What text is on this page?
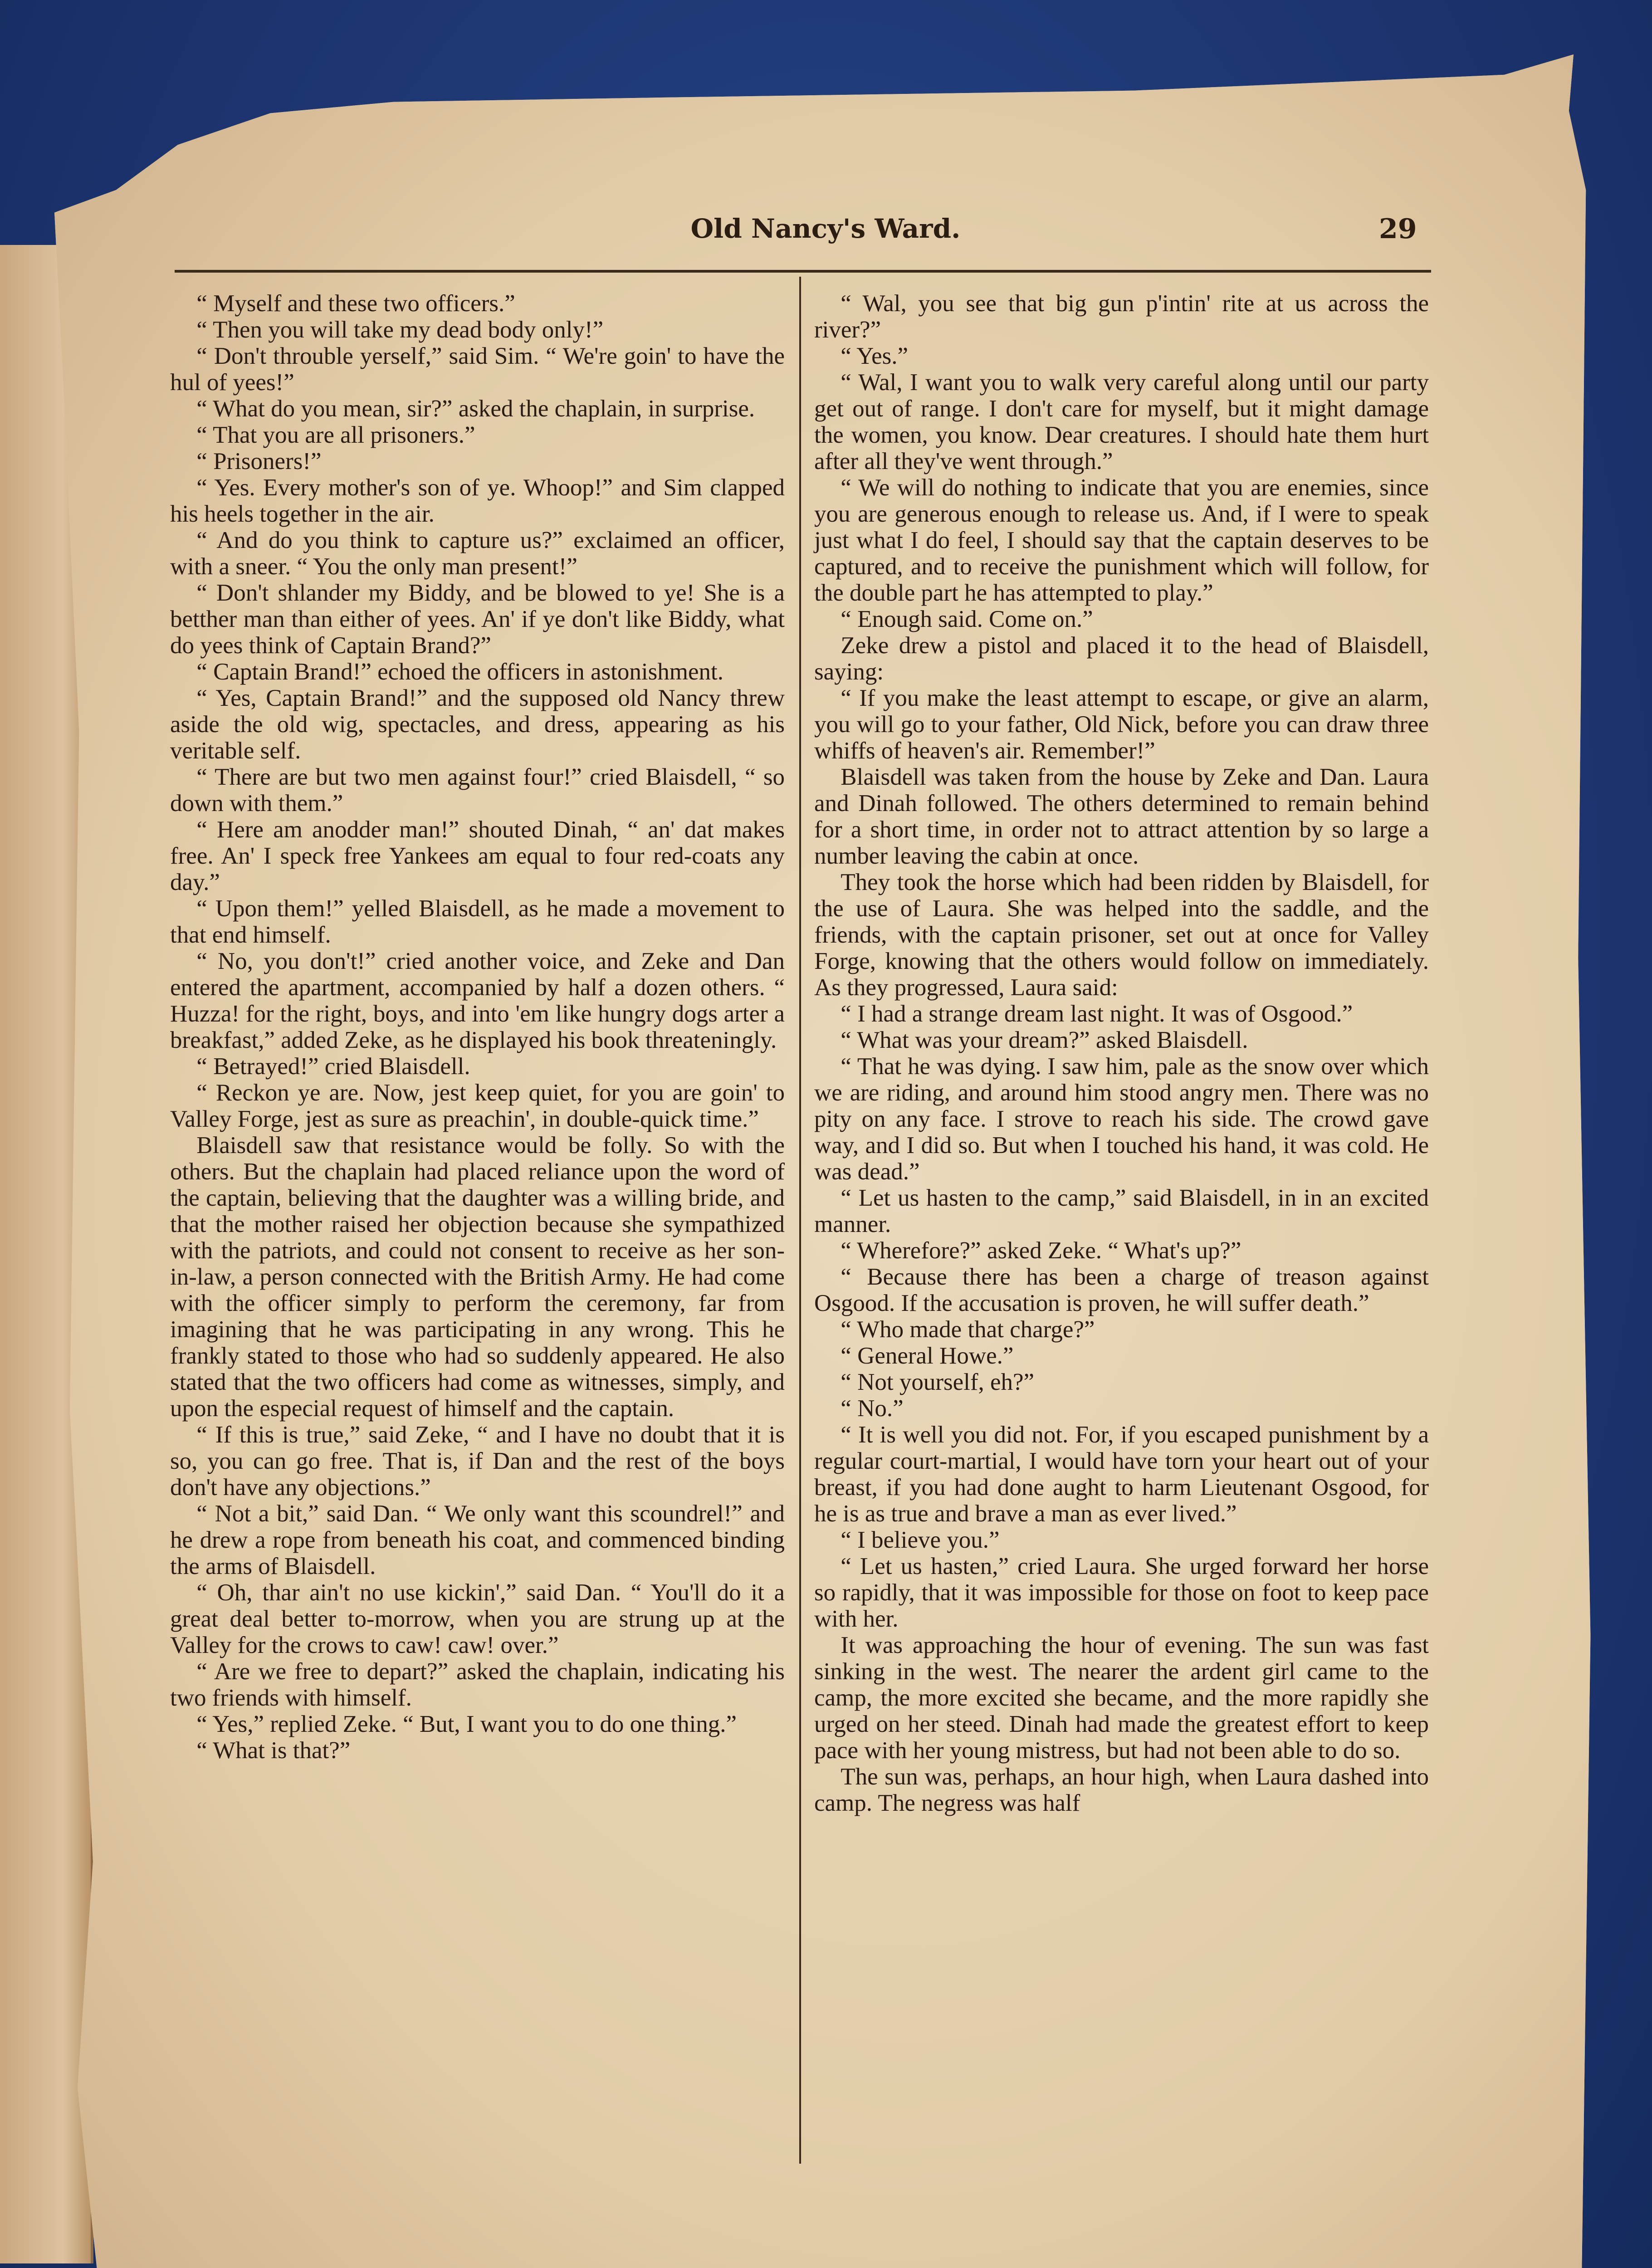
Old Nancy's Ward.	29

“ Myself and these two officers.”

“ Then you will take my dead body only!”

“ Don't throuble yerself,” said Sim. “ We're goin' to have the hul of yees!”

“ What do you mean, sir?” asked the chaplain, in surprise.

“ That you are all prisoners.”

“ Prisoners!”

“ Yes. Every mother's son of ye. Whoop!” and Sim clapped his heels together in the air.

“ And do you think to capture us?” exclaimed an officer, with a sneer. “ You the only man present!”

“ Don't shlander my Biddy, and be blowed to ye! She is a betther man than either of yees. An' if ye don't like Biddy, what do yees think of Captain Brand?”

“ Captain Brand!” echoed the officers in astonishment.

“ Yes, Captain Brand!” and the supposed old Nancy threw aside the old wig, spectacles, and dress, appearing as his veritable self.

“ There are but two men against four!” cried Blaisdell, “ so down with them.”

“ Here am anodder man!” shouted Dinah, “ an' dat makes free. An' I speck free Yankees am equal to four red-coats any day.”

“ Upon them!” yelled Blaisdell, as he made a movement to that end himself.

“ No, you don't!” cried another voice, and Zeke and Dan entered the apartment, accompanied by half a dozen others. “ Huzza! for the right, boys, and into 'em like hungry dogs arter a breakfast,” added Zeke, as he displayed his book threateningly.

“ Betrayed!” cried Blaisdell.

“ Reckon ye are. Now, jest keep quiet, for you are goin' to Valley Forge, jest as sure as preachin', in double-quick time.”

Blaisdell saw that resistance would be folly. So with the others. But the chaplain had placed reliance upon the word of the captain, believing that the daughter was a willing bride, and that the mother raised her objection because she sympathized with the patriots, and could not consent to receive as her son-in-law, a person connected with the British Army. He had come with the officer simply to perform the ceremony, far from imagining that he was participating in any wrong. This he frankly stated to those who had so suddenly appeared. He also stated that the two officers had come as witnesses, simply, and upon the especial request of himself and the captain.

“ If this is true,” said Zeke, “ and I have no doubt that it is so, you can go free. That is, if Dan and the rest of the boys don't have any objections.”

“ Not a bit,” said Dan. “ We only want this scoundrel!” and he drew a rope from beneath his coat, and commenced binding the arms of Blaisdell.

“ Oh, thar ain't no use kickin',” said Dan. “ You'll do it a great deal better to-morrow, when you are strung up at the Valley for the crows to caw! caw! over.”

“ Are we free to depart?” asked the chaplain, indicating his two friends with himself.

“ Yes,” replied Zeke. “ But, I want you to do one thing.”

“ What is that?”

“ Wal, you see that big gun p'intin' rite at us across the river?”

“ Yes.”

“ Wal, I want you to walk very careful along until our party get out of range. I don't care for myself, but it might damage the women, you know. Dear creatures. I should hate them hurt after all they've went through.”

“ We will do nothing to indicate that you are enemies, since you are generous enough to release us. And, if I were to speak just what I do feel, I should say that the captain deserves to be captured, and to receive the punishment which will follow, for the double part he has attempted to play.”

“ Enough said. Come on.”

Zeke drew a pistol and placed it to the head of Blaisdell, saying:

“ If you make the least attempt to escape, or give an alarm, you will go to your father, Old Nick, before you can draw three whiffs of heaven's air. Remember!”

Blaisdell was taken from the house by Zeke and Dan. Laura and Dinah followed. The others determined to remain behind for a short time, in order not to attract attention by so large a number leaving the cabin at once.

They took the horse which had been ridden by Blaisdell, for the use of Laura. She was helped into the saddle, and the friends, with the captain prisoner, set out at once for Valley Forge, knowing that the others would follow on immediately. As they progressed, Laura said:

“ I had a strange dream last night. It was of Osgood.”

“ What was your dream?” asked Blaisdell.

“ That he was dying. I saw him, pale as the snow over which we are riding, and around him stood angry men. There was no pity on any face. I strove to reach his side. The crowd gave way, and I did so. But when I touched his hand, it was cold. He was dead.”

“ Let us hasten to the camp,” said Blaisdell, in in an excited manner.

“ Wherefore?” asked Zeke. “ What's up?”

“ Because there has been a charge of treason against Osgood. If the accusation is proven, he will suffer death.”

“ Who made that charge?”

“ General Howe.”

“ Not yourself, eh?”

“ No.”

“ It is well you did not. For, if you escaped punishment by a regular court-martial, I would have torn your heart out of your breast, if you had done aught to harm Lieutenant Osgood, for he is as true and brave a man as ever lived.”

“ I believe you.”

“ Let us hasten,” cried Laura. She urged forward her horse so rapidly, that it was impossible for those on foot to keep pace with her.

It was approaching the hour of evening. The sun was fast sinking in the west. The nearer the ardent girl came to the camp, the more excited she became, and the more rapidly she urged on her steed. Dinah had made the greatest effort to keep pace with her young mistress, but had not been able to do so.

The sun was, perhaps, an hour high, when Laura dashed into camp. The negress was half
